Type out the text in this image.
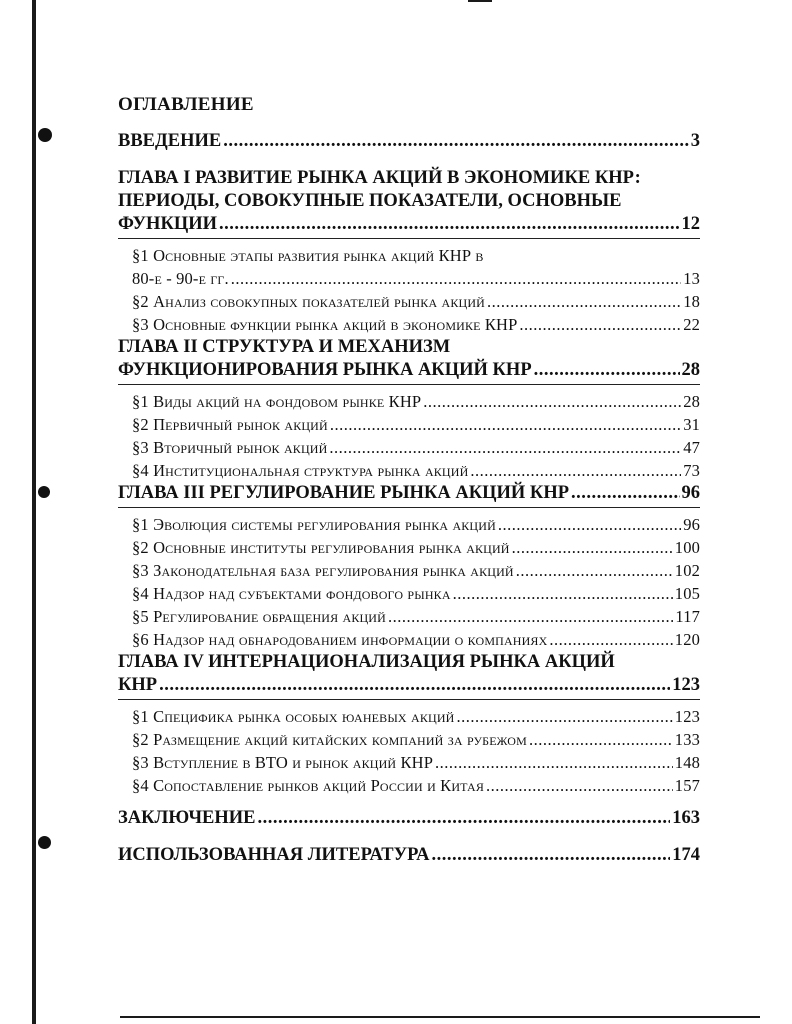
ОГЛАВЛЕНИЕ
ВВЕДЕНИЕ .....	3
ГЛАВА I РАЗВИТИЕ РЫНКА АКЦИЙ В ЭКОНОМИКЕ КНР:
ПЕРИОДЫ, СОВОКУПНЫЕ ПОКАЗАТЕЛИ, ОСНОВНЫЕ
ФУНКЦИИ .....	12
§1 Основные этапы развития рынка акций КНР в
80-е - 90-е гг. .....	13
§2 Анализ совокупных показателей рынка акций .....	18
§3 Основные функции рынка акций в экономике КНР .....	22
ГЛАВА II СТРУКТУРА И МЕХАНИЗМ
ФУНКЦИОНИРОВАНИЯ РЫНКА АКЦИЙ КНР .....	28
§1 Виды акций на фондовом рынке КНР .....	28
§2 Первичный рынок акций .....	31
§3 Вторичный рынок акций .....	47
§4 Институциональная структура рынка акций .....	73
ГЛАВА III РЕГУЛИРОВАНИЕ РЫНКА АКЦИЙ КНР .....	96
§1 Эволюция системы регулирования рынка акций .....	96
§2 Основные институты регулирования рынка акций .....	100
§3 Законодательная база регулирования рынка акций .....	102
§4 Надзор над субъектами фондового рынка .....	105
§5 Регулирование обращения акций .....	117
§6 Надзор над обнародованием информации о компаниях .....	120
ГЛАВА IV ИНТЕРНАЦИОНАЛИЗАЦИЯ РЫНКА АКЦИЙ
КНР .....	123
§1 Специфика рынка особых юаневых акций .....	123
§2 Размещение акций китайских компаний за рубежом .....	133
§3 Вступление в ВТО и рынок акций КНР .....	148
§4 Сопоставление рынков акций России и Китая .....	157
ЗАКЛЮЧЕНИЕ .....	163
ИСПОЛЬЗОВАННАЯ ЛИТЕРАТУРА .....	174
